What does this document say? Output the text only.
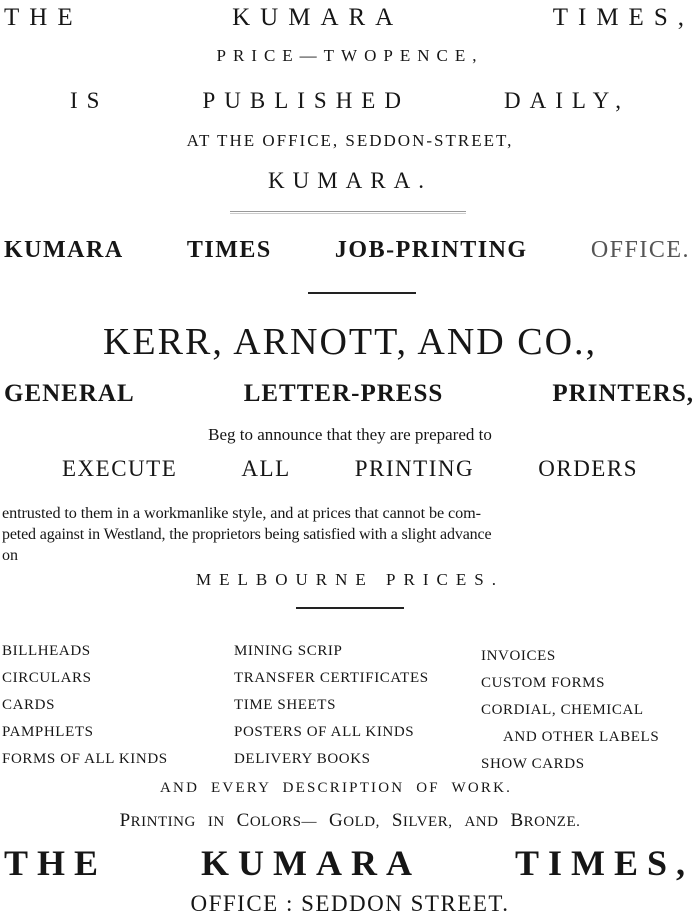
THE	KUMARA	TIMES,
PRICE—TWOPENCE,
IS	PUBLISHED	DAILY,
AT THE OFFICE, SEDDON-STREET,
KUMARA.
KUMARA	TIMES	JOB-PRINTING	OFFICE.
KERR, ARNOTT, AND CO.,
GENERAL	LETTER-PRESS	PRINTERS,
Beg to announce that they are prepared to
EXECUTE	ALL	PRINTING	ORDERS
entrusted to them in a workmanlike style, and at prices that cannot be com-
peted against in Westland, the proprietors being satisfied with a slight advance
on
MELBOURNE PRICES.
BILLHEADS
CIRCULARS
CARDS
PAMPHLETS
FORMS OF ALL KINDS
MINING SCRIP
TRANSFER CERTIFICATES
TIME SHEETS
POSTERS OF ALL KINDS
DELIVERY BOOKS
INVOICES
CUSTOM FORMS
CORDIAL, CHEMICAL
AND OTHER LABELS
SHOW CARDS
AND EVERY DESCRIPTION OF WORK.
PRINTING IN COLORS— GOLD, SILVER, AND BRONZE.
THE	KUMARA	TIMES,
OFFICE : SEDDON STREET.
